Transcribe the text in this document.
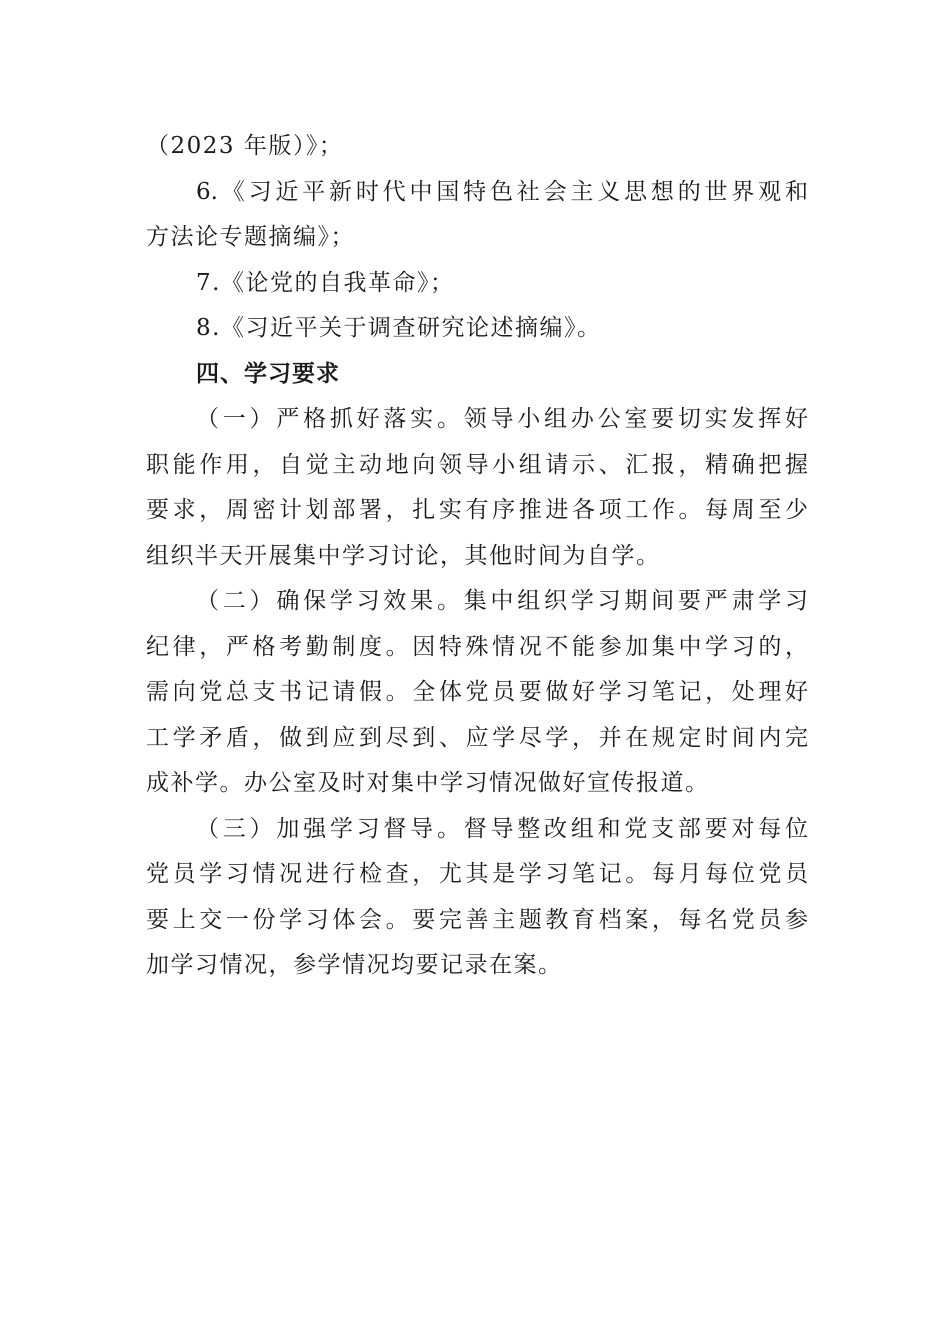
（2023 年版）》；
6.《习近平新时代中国特色社会主义思想的世界观和
方法论专题摘编》；
7.《论党的自我革命》；
8.《习近平关于调查研究论述摘编》。
四、学习要求
（一）严格抓好落实。领导小组办公室要切实发挥好
职能作用，自觉主动地向领导小组请示、汇报，精确把握
要求，周密计划部署，扎实有序推进各项工作。每周至少
组织半天开展集中学习讨论，其他时间为自学。
（二）确保学习效果。集中组织学习期间要严肃学习
纪律，严格考勤制度。因特殊情况不能参加集中学习的，
需向党总支书记请假。全体党员要做好学习笔记，处理好
工学矛盾，做到应到尽到、应学尽学，并在规定时间内完
成补学。办公室及时对集中学习情况做好宣传报道。
（三）加强学习督导。督导整改组和党支部要对每位
党员学习情况进行检查，尤其是学习笔记。每月每位党员
要上交一份学习体会。要完善主题教育档案，每名党员参
加学习情况，参学情况均要记录在案。
